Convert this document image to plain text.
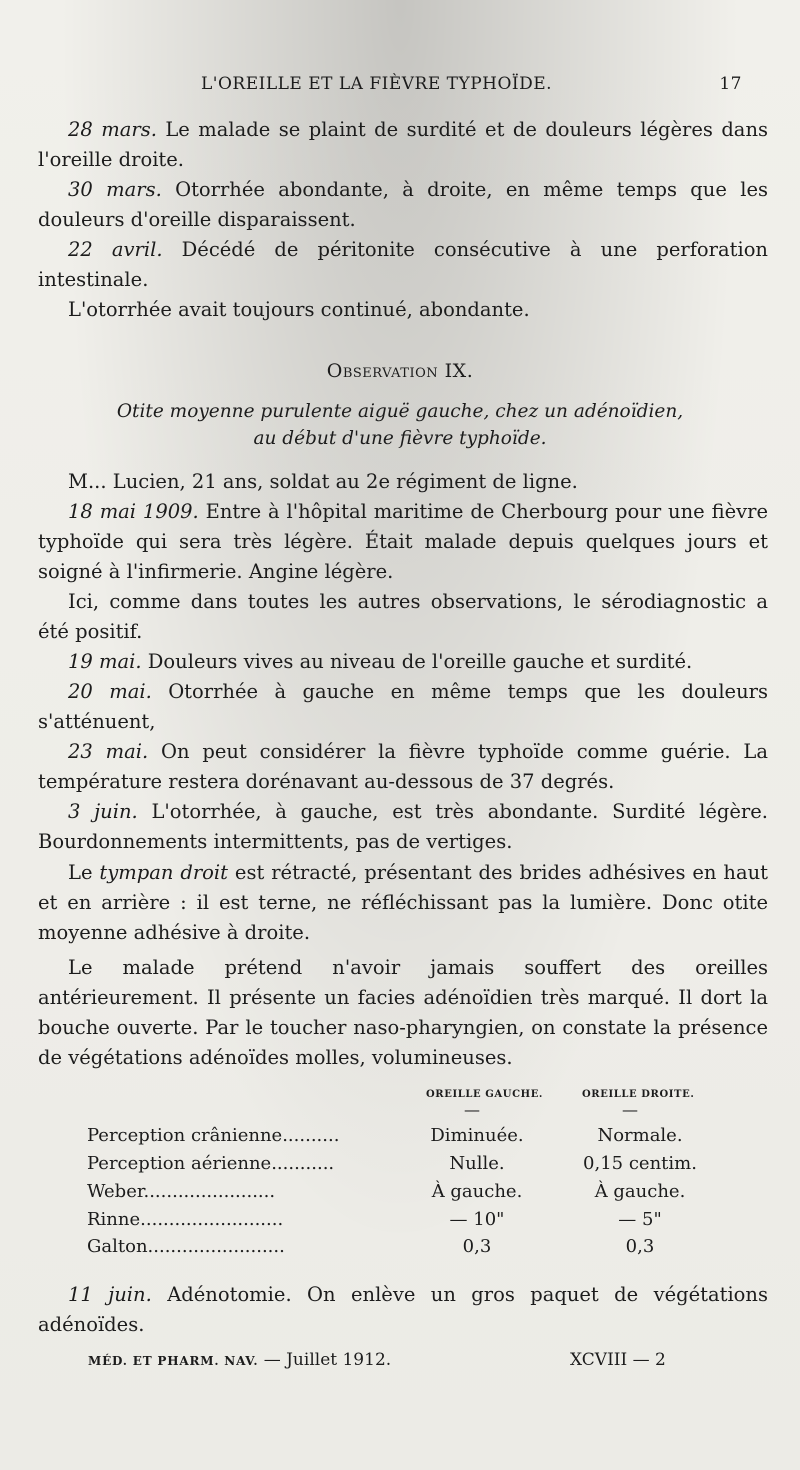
L'OREILLE ET LA FIÈVRE TYPHOÏDE.	17

28 mars. Le malade se plaint de surdité et de douleurs légères dans l'oreille droite.

30 mars. Otorrhée abondante, à droite, en même temps que les douleurs d'oreille disparaissent.

22 avril. Décédé de péritonite consécutive à une perforation intestinale.

L'otorrhée avait toujours continué, abondante.

Observation IX.
Otite moyenne purulente aiguë gauche, chez un adénoïdien,
au début d'une fièvre typhoïde.

M... Lucien, 21 ans, soldat au 2e régiment de ligne.

18 mai 1909. Entre à l'hôpital maritime de Cherbourg pour une fièvre typhoïde qui sera très légère. Était malade depuis quelques jours et soigné à l'infirmerie. Angine légère.

Ici, comme dans toutes les autres observations, le sérodiagnostic a été positif.

19 mai. Douleurs vives au niveau de l'oreille gauche et surdité.

20 mai. Otorrhée à gauche en même temps que les douleurs s'atténuent,

23 mai. On peut considérer la fièvre typhoïde comme guérie. La température restera dorénavant au-dessous de 37 degrés.

3 juin. L'otorrhée, à gauche, est très abondante. Surdité légère. Bourdonnements intermittents, pas de vertiges.

Le tympan droit est rétracté, présentant des brides adhésives en haut et en arrière : il est terne, ne réfléchissant pas la lumière. Donc otite moyenne adhésive à droite.

Le malade prétend n'avoir jamais souffert des oreilles antérieurement. Il présente un facies adénoïdien très marqué. Il dort la bouche ouverte. Par le toucher naso-pharyngien, on constate la présence de végétations adénoïdes molles, volumineuses.

OREILLE GAUCHE.	OREILLE DROITE.
—	—
Perception crânienne..........	Diminuée.	Normale.
Perception aérienne...........	Nulle.	0,15 centim.
Weber.......................	À gauche.	À gauche.
Rinne.........................	— 10"	— 5"
Galton........................	0,3	0,3

11 juin. Adénotomie. On enlève un gros paquet de végétations adénoïdes.

MÉD. ET PHARM. NAV. — Juillet 1912.	XCVIII — 2
